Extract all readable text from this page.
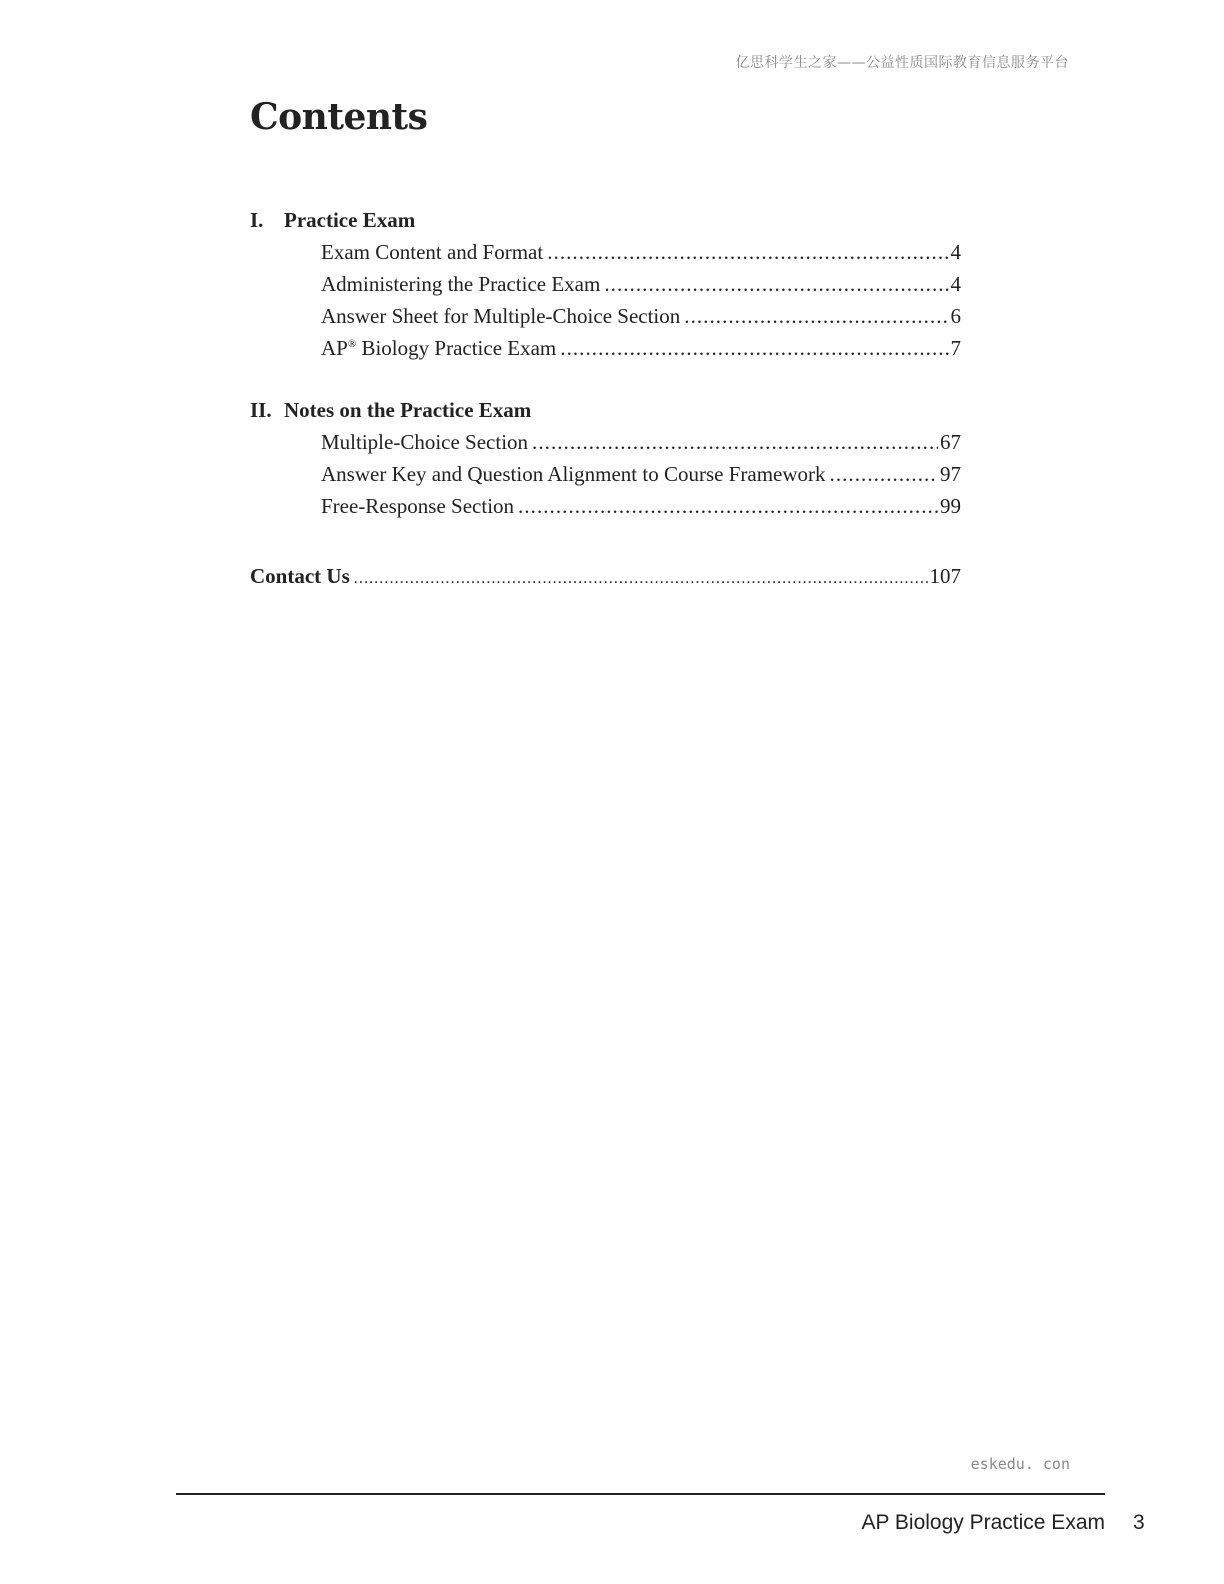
亿思科学生之家——公益性质国际教育信息服务平台
Contents
I. Practice Exam
Exam Content and Format . . .	4
Administering the Practice Exam . . .	4
Answer Sheet for Multiple-Choice Section . . .	6
AP® Biology Practice Exam . . .	7
II. Notes on the Practice Exam
Multiple-Choice Section . . .	67
Answer Key and Question Alignment to Course Framework . . .	97
Free-Response Section . . .	99
Contact Us .....	107
eskedu. con
AP Biology Practice Exam 3
